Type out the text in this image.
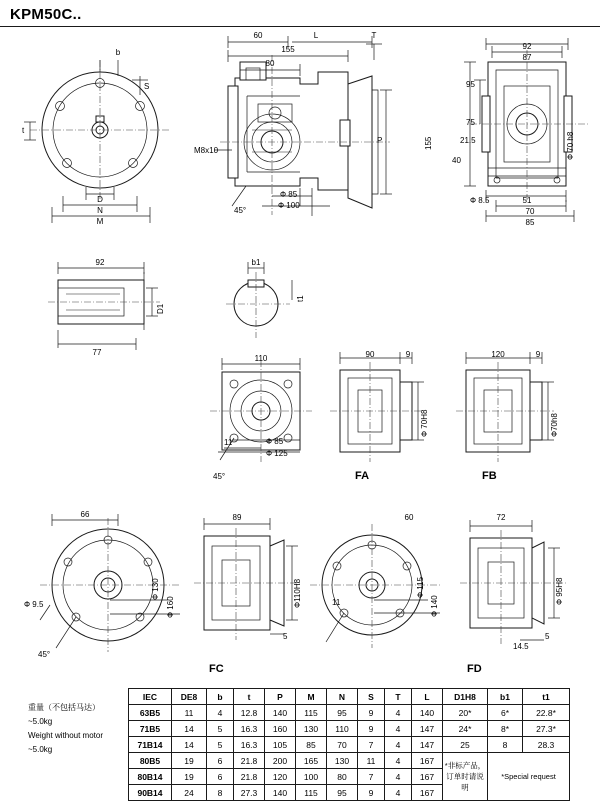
KPM50C..
b
S
t
D
N
M
60	L	T
155
80
P
M8x10
45°
Ф 85
Ф 100
92
87
95
75
21.5
40
155	Ф 70 h8
Ф 8.5	51
70
85
92
77
D1
b1
t1
110
11
45°
Ф 85
Ф 125
FA
90	9
Ф 70H8
FB
120	9
Ф70h8
FC
66	89
5
45°
Ф 9.5
Ф 130
Ф 160	Ф110H8
FD
60	72
11
14.5
5
Ф 115
Ф 140
Ф 95H8
重量（不包括马达）
~5.0kg
Weight without motor
~5.0kg
IEC	DE8	b	t	P	M	N	S	T	L	D1H8	b1	t1
63B5	11	4	12.8	140	115	95	9	4	140	20*	6*	22.8*
71B5	14	5	16.3	160	130	110	9	4	147	24*	8*	27.3*
71B14	14	5	16.3	105	85	70	7	4	147	25	8	28.3
80B5	19	6	21.8	200	165	130	11	4	167	*非标产品，订单时请说明	*Special request	
80B14	19	6	21.8	120	100	80	7	4	167			
90B14	24	8	27.3	140	115	95	9	4	167			
